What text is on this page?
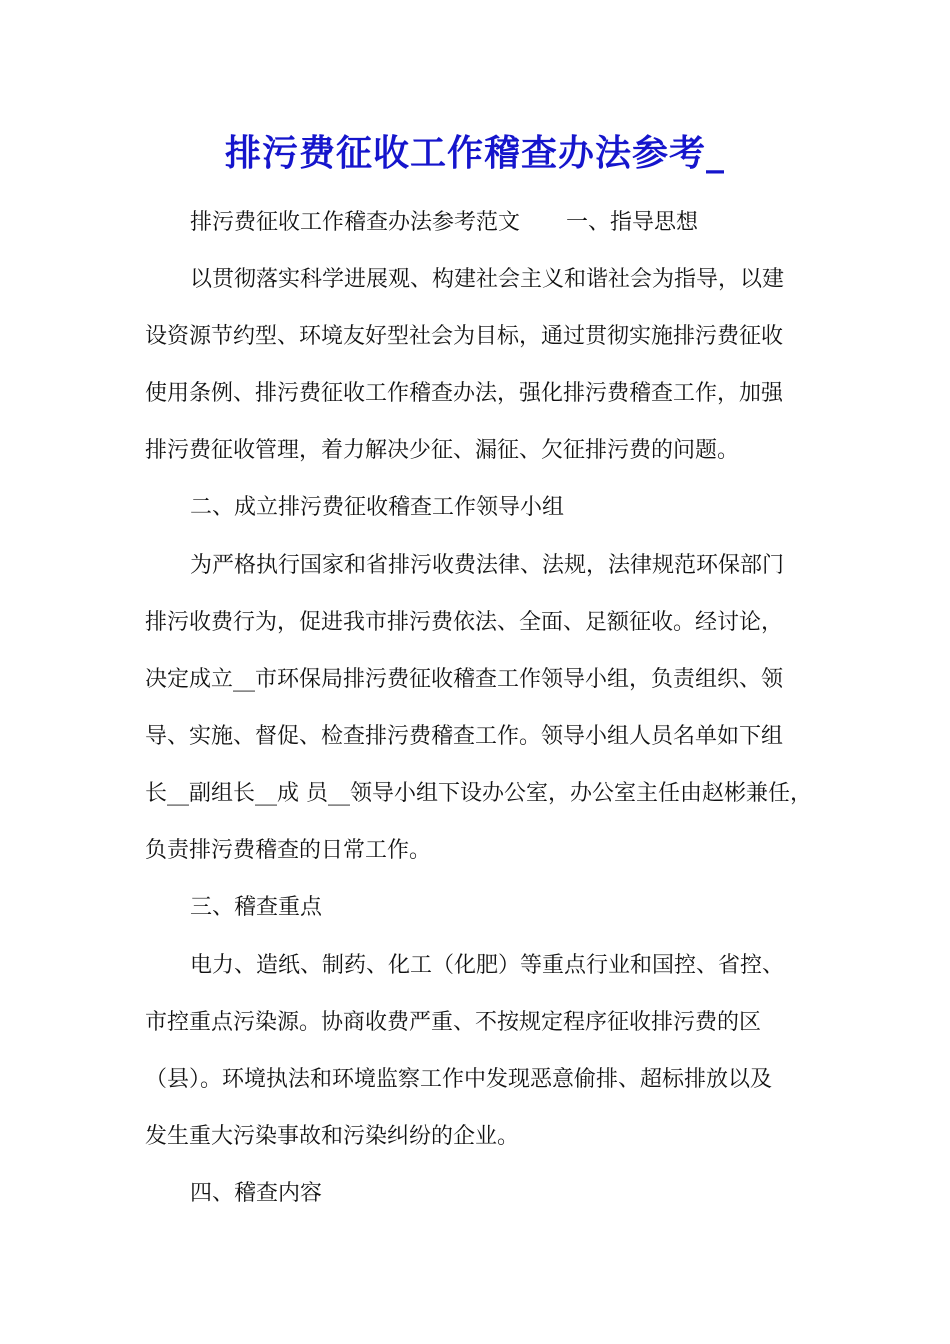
排污费征收工作稽查办法参考_
排污费征收工作稽查办法参考范文 一、指导思想
以贯彻落实科学进展观、构建社会主义和谐社会为指导，以建
设资源节约型、环境友好型社会为目标，通过贯彻实施排污费征收
使用条例、排污费征收工作稽查办法，强化排污费稽查工作，加强
排污费征收管理，着力解决少征、漏征、欠征排污费的问题。
二、成立排污费征收稽查工作领导小组
为严格执行国家和省排污收费法律、法规，法律规范环保部门
排污收费行为，促进我市排污费依法、全面、足额征收。经讨论，
决定成立__市环保局排污费征收稽查工作领导小组，负责组织、领
导、实施、督促、检查排污费稽查工作。领导小组人员名单如下组
长__副组长__成 员__领导小组下设办公室，办公室主任由赵彬兼任，
负责排污费稽查的日常工作。
三、稽查重点
电力、造纸、制药、化工（化肥）等重点行业和国控、省控、
市控重点污染源。协商收费严重、不按规定程序征收排污费的区
（县）。环境执法和环境监察工作中发现恶意偷排、超标排放以及
发生重大污染事故和污染纠纷的企业。
四、稽查内容
